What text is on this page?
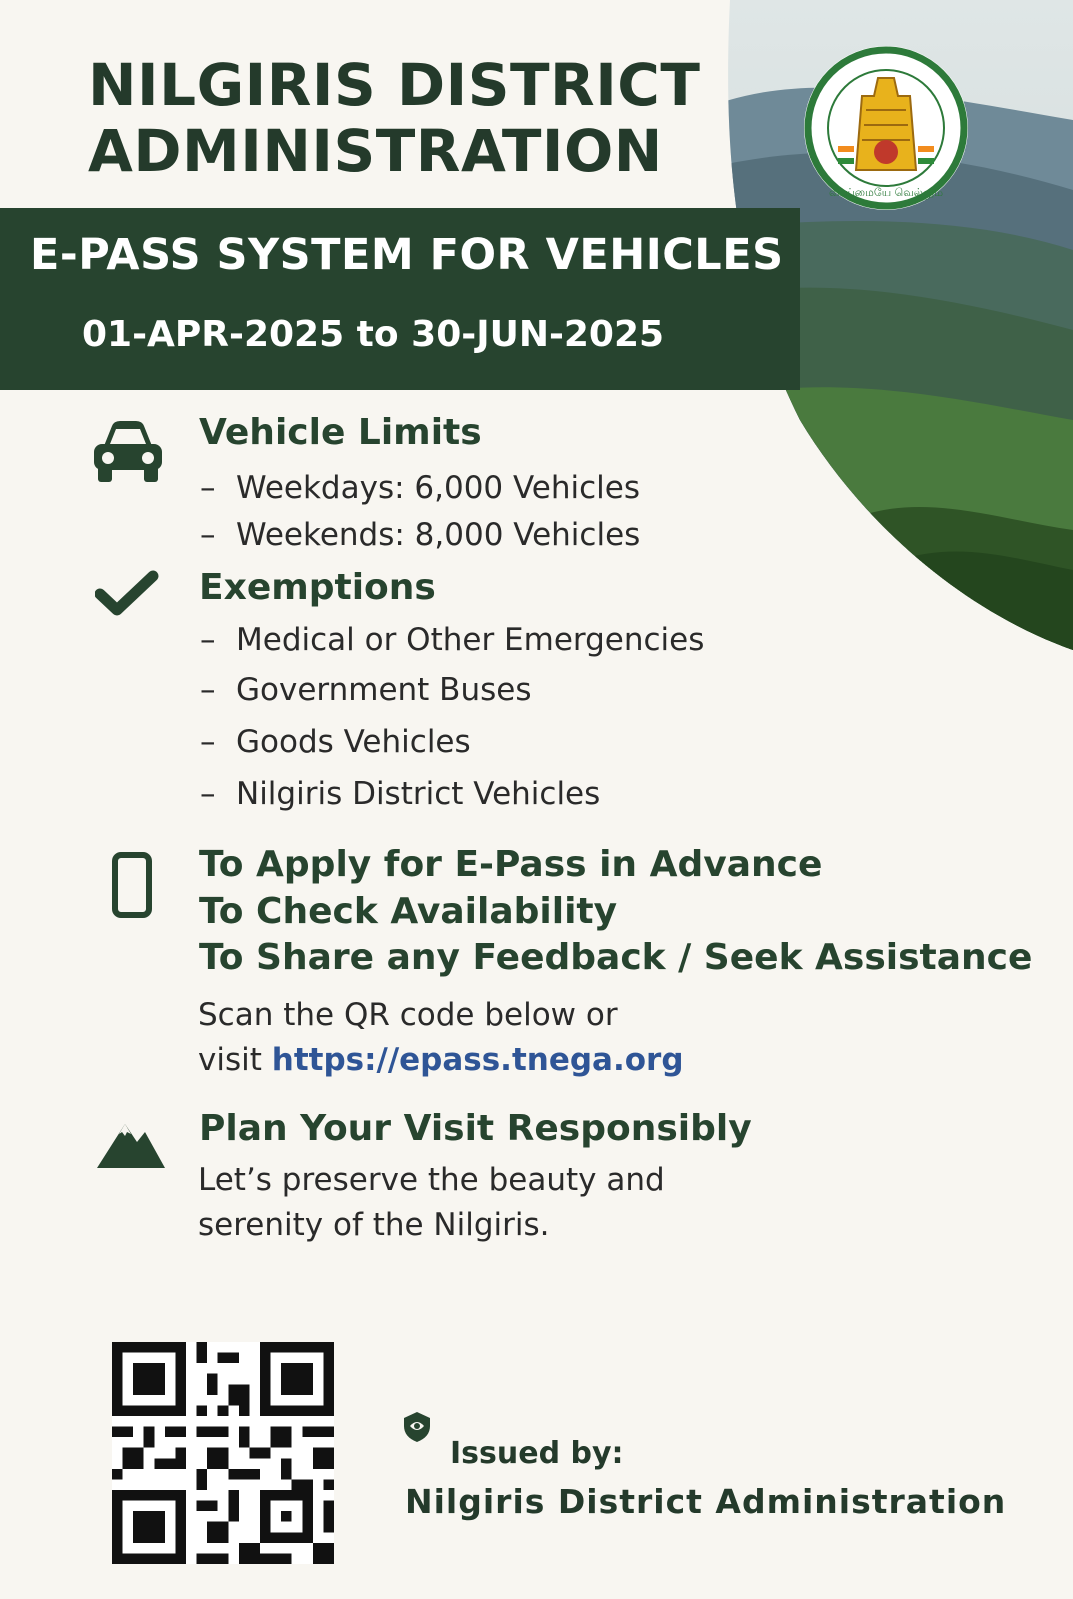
வாய்மையே வெல்லும்
NILGIRIS DISTRICT
ADMINISTRATION
E-PASS SYSTEM FOR VEHICLES
01-APR-2025 to 30-JUN-2025
Vehicle Limits
– Weekdays: 6,000 Vehicles
– Weekends: 8,000 Vehicles
Exemptions
– Medical or Other Emergencies
– Government Buses
– Goods Vehicles
– Nilgiris District Vehicles
To Apply for E-Pass in Advance
To Check Availability
To Share any Feedback / Seek Assistance
Scan the QR code below or
visit https://epass.tnega.org
Plan Your Visit Responsibly
Let’s preserve the beauty and
serenity of the Nilgiris.
Issued by:
Nilgiris District Administration
